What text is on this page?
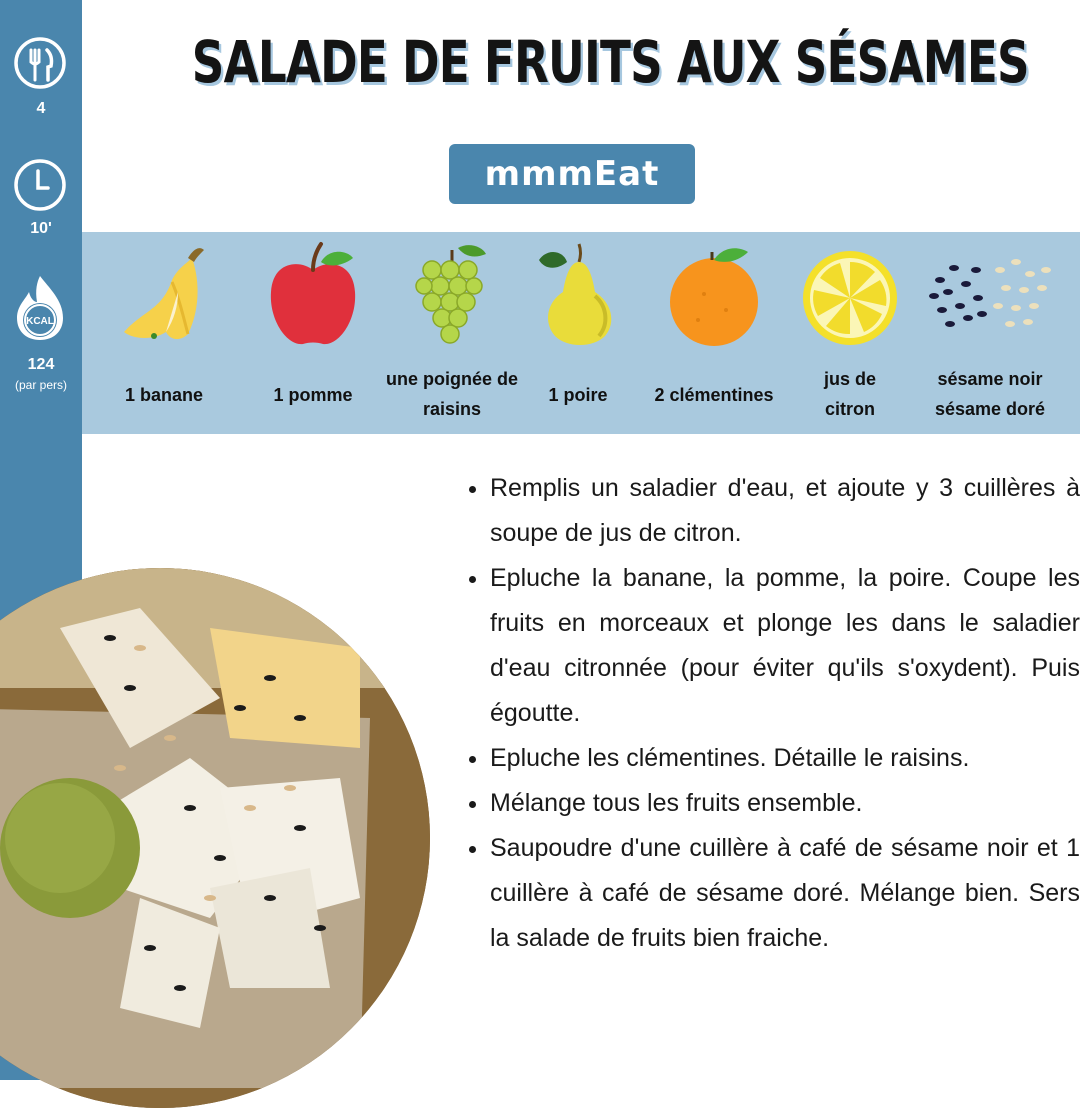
4
10'
KCAL
124
(par pers)
SALADE DE FRUITS AUX SÉSAMES
mmmEat
1 banane	1 pomme
une poignée de raisins
1 poire	2 clémentines
jus de citron
sésame noir sésame doré
• Remplis un saladier d'eau, et ajoute y 3 cuillères à soupe de jus de citron.
• Epluche la banane, la pomme, la poire. Coupe les fruits en morceaux et plonge les dans le saladier d'eau citronnée (pour éviter qu'ils s'oxydent). Puis égoutte.
• Epluche les clémentines. Détaille le raisins.
• Mélange tous les fruits ensemble.
• Saupoudre d'une cuillère à café de sésame noir et 1 cuillère à café de sésame doré. Mélange bien. Sers la salade de fruits bien fraiche.
